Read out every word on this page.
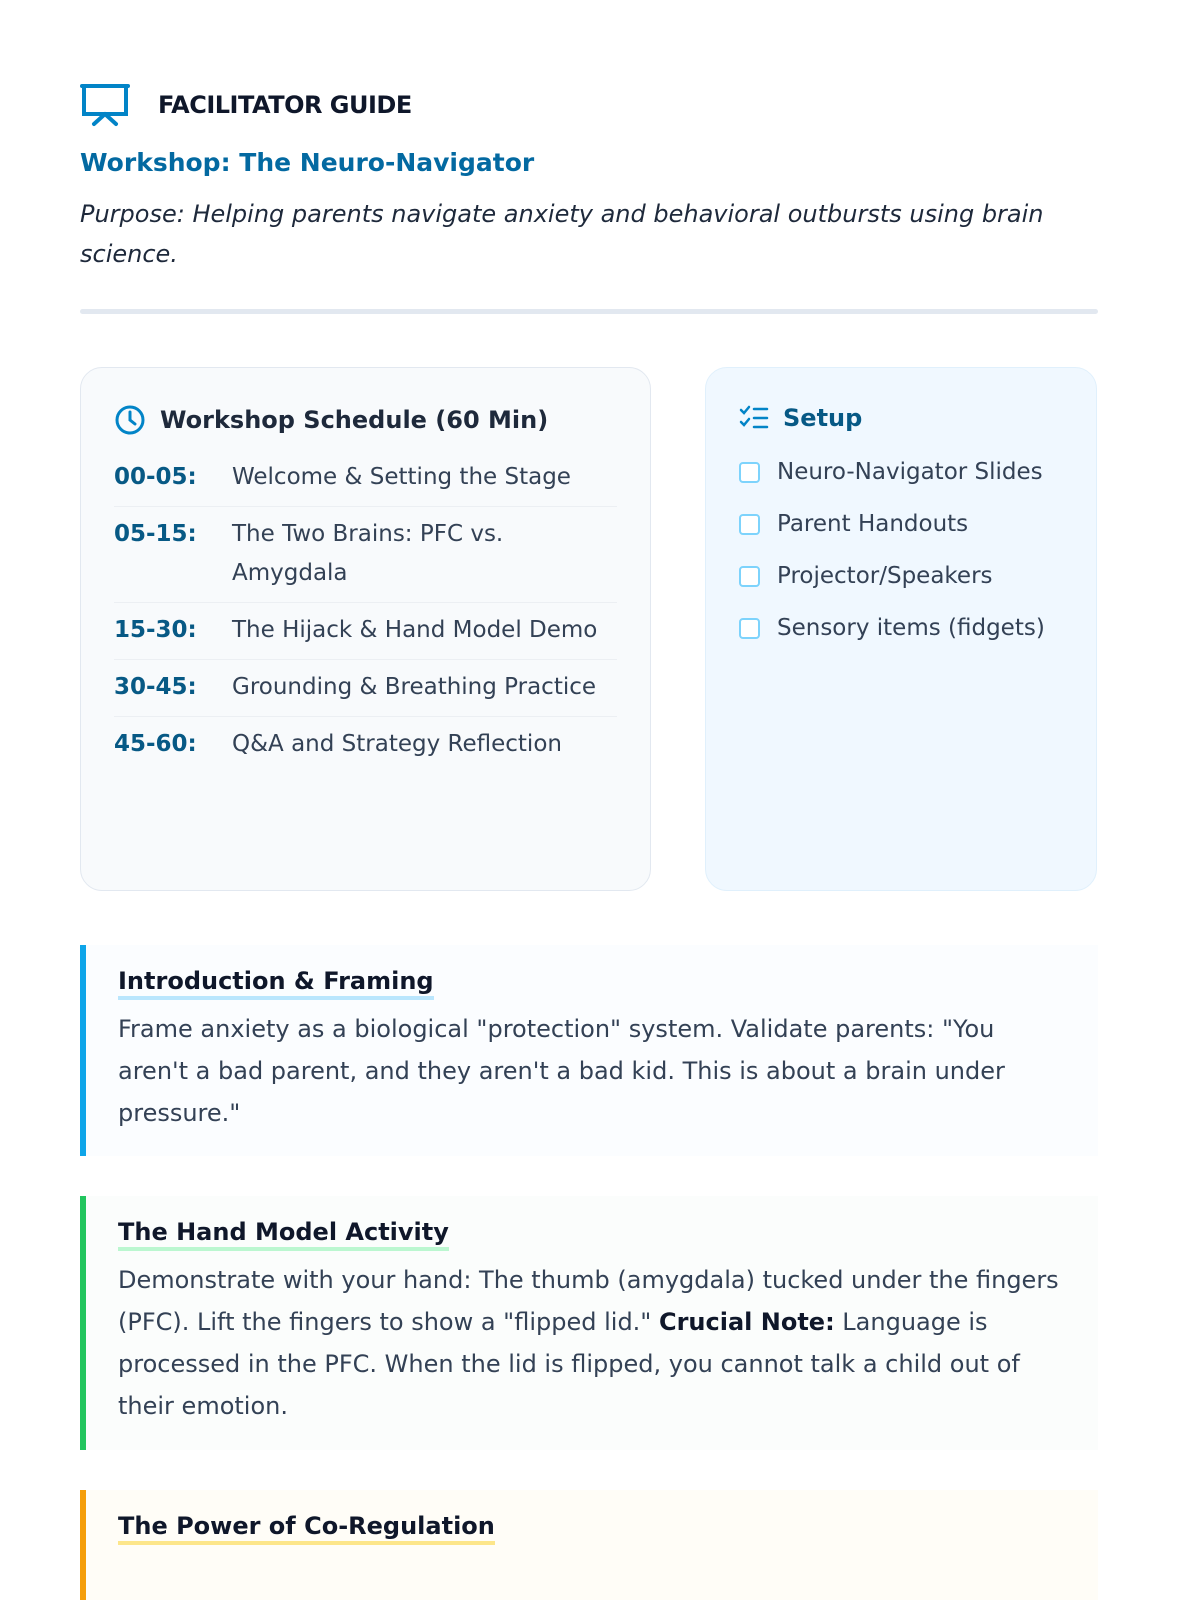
FACILITATOR GUIDE
Workshop: The Neuro-Navigator
Purpose: Helping parents navigate anxiety and behavioral outbursts using brain science.
Workshop Schedule (60 Min)
00-05:	Welcome & Setting the Stage
05-15:	The Two Brains: PFC vs. Amygdala
15-30:	The Hijack & Hand Model Demo
30-45:	Grounding & Breathing Practice
45-60:	Q&A and Strategy Reflection
Setup
Neuro-Navigator Slides
Parent Handouts
Projector/Speakers
Sensory items (fidgets)
Introduction & Framing

Frame anxiety as a biological "protection" system. Validate parents: "You aren't a bad parent, and they aren't a bad kid. This is about a brain under pressure."

The Hand Model Activity

Demonstrate with your hand: The thumb (amygdala) tucked under the fingers (PFC). Lift the fingers to show a "flipped lid." Crucial Note: Language is processed in the PFC. When the lid is flipped, you cannot talk a child out of their emotion.

The Power of Co-Regulation
